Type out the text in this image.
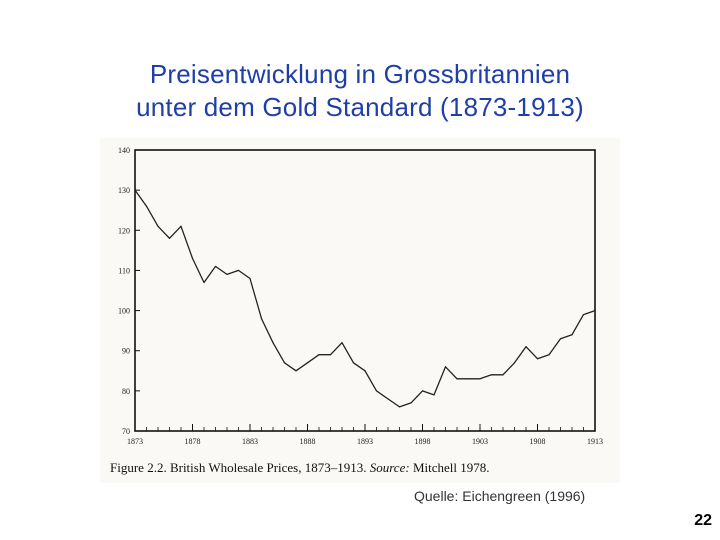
Preisentwicklung in Grossbritannien
unter dem Gold Standard (1873-1913)
70
80
90
100
110
120
130
140
1873	1878	1883	1888	1893	1898	1903	1908	1913
Figure 2.2. British Wholesale Prices, 1873–1913. Source: Mitchell 1978.
Quelle: Eichengreen (1996)
22
